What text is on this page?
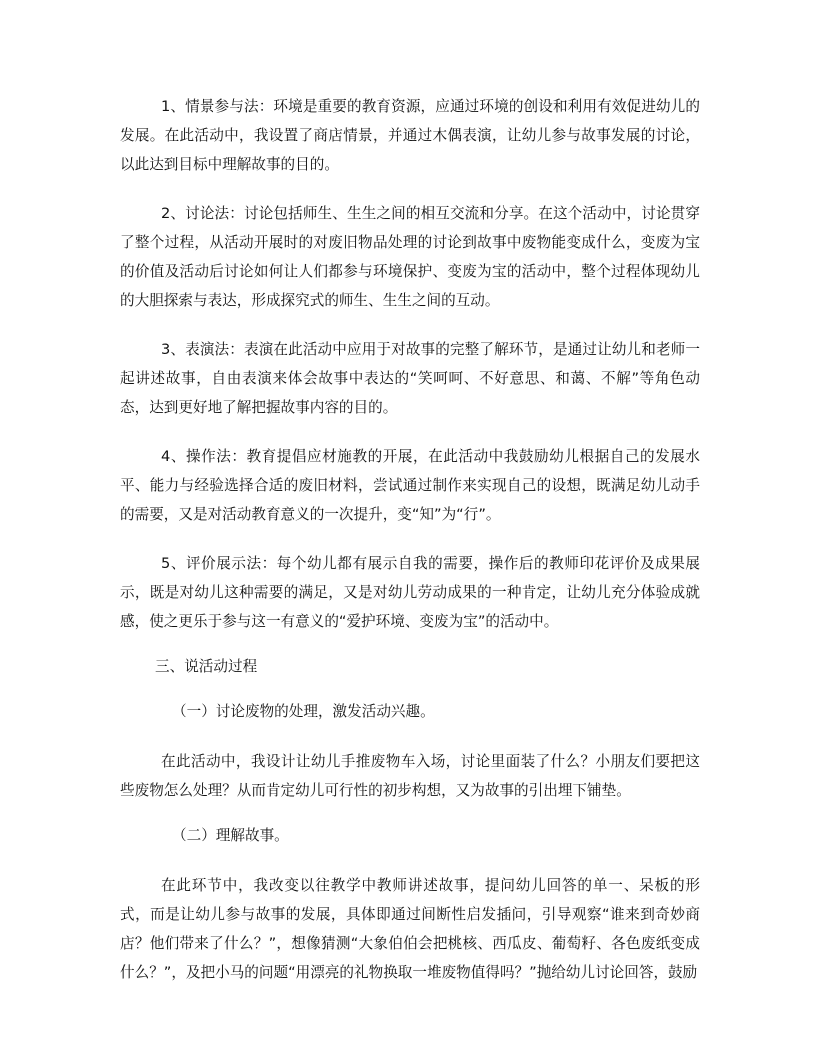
1、情景参与法：环境是重要的教育资源，应通过环境的创设和利用有效促进幼儿的发展。在此活动中，我设置了商店情景，并通过木偶表演，让幼儿参与故事发展的讨论，以此达到目标中理解故事的目的。

2、讨论法：讨论包括师生、生生之间的相互交流和分享。在这个活动中，讨论贯穿了整个过程，从活动开展时的对废旧物品处理的讨论到故事中废物能变成什么，变废为宝的价值及活动后讨论如何让人们都参与环境保护、变废为宝的活动中，整个过程体现幼儿的大胆探索与表达，形成探究式的师生、生生之间的互动。

3、表演法：表演在此活动中应用于对故事的完整了解环节，是通过让幼儿和老师一起讲述故事，自由表演来体会故事中表达的“笑呵呵、不好意思、和蔼、不解”等角色动态，达到更好地了解把握故事内容的目的。

4、操作法：教育提倡应材施教的开展，在此活动中我鼓励幼儿根据自己的发展水平、能力与经验选择合适的废旧材料，尝试通过制作来实现自己的设想，既满足幼儿动手的需要，又是对活动教育意义的一次提升，变“知”为“行”。

5、评价展示法：每个幼儿都有展示自我的需要，操作后的教师印花评价及成果展示，既是对幼儿这种需要的满足，又是对幼儿劳动成果的一种肯定，让幼儿充分体验成就感，使之更乐于参与这一有意义的“爱护环境、变废为宝”的活动中。

三、说活动过程

（一）讨论废物的处理，激发活动兴趣。

在此活动中，我设计让幼儿手推废物车入场，讨论里面装了什么？小朋友们要把这些废物怎么处理？从而肯定幼儿可行性的初步构想，又为故事的引出埋下铺垫。

（二）理解故事。

在此环节中，我改变以往教学中教师讲述故事，提问幼儿回答的单一、呆板的形式，而是让幼儿参与故事的发展，具体即通过间断性启发插问，引导观察“谁来到奇妙商店？他们带来了什么？”，想像猜测“大象伯伯会把桃核、西瓜皮、葡萄籽、各色废纸变成什么？”，及把小马的问题“用漂亮的礼物换取一堆废物值得吗？”抛给幼儿讨论回答，鼓励
